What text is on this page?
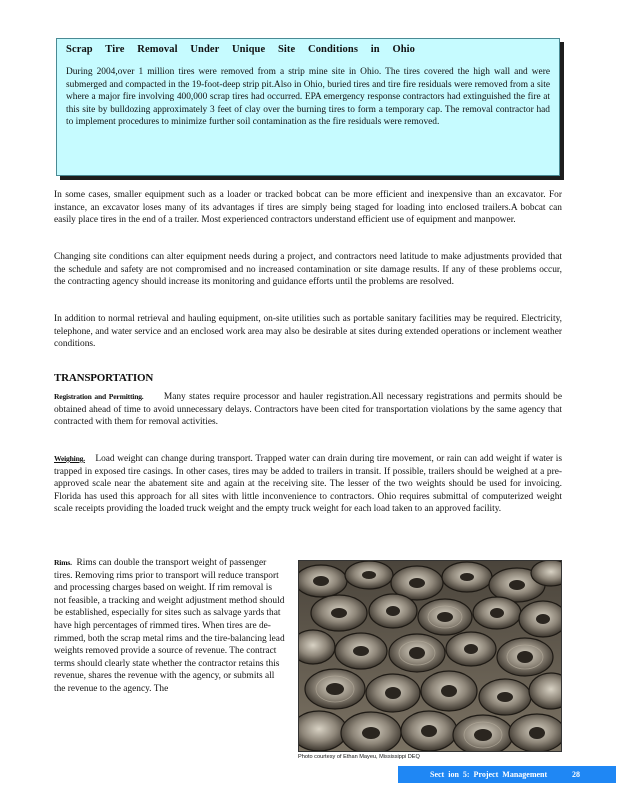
Scrap Tire Removal Under Unique Site Conditions in Ohio

During 2004,over 1 million tires were removed from a strip mine site in Ohio. The tires covered the high wall and were submerged and compacted in the 19-foot-deep strip pit.Also in Ohio, buried tires and tire fire residuals were removed from a site where a major fire involving 400,000 scrap tires had occurred. EPA emergency response contractors had extinguished the fire at this site by bulldozing approximately 3 feet of clay over the burning tires to form a temporary cap. The removal contractor had to implement procedures to minimize further soil contamination as the fire residuals were removed.

In some cases, smaller equipment such as a loader or tracked bobcat can be more efficient and inexpensive than an excavator. For instance, an excavator loses many of its advantages if tires are simply being staged for loading into enclosed trailers.A bobcat can easily place tires in the end of a trailer. Most experienced contractors understand efficient use of equipment and manpower.

Changing site conditions can alter equipment needs during a project, and contractors need latitude to make adjustments provided that the schedule and safety are not compromised and no increased contamination or site damage results. If any of these problems occur, the contracting agency should increase its monitoring and guidance efforts until the problems are resolved.

In addition to normal retrieval and hauling equipment, on-site utilities such as portable sanitary facilities may be required. Electricity, telephone, and water service and an enclosed work area may also be desirable at sites during extended operations or inclement weather conditions.

TRANSPORTATION

Registration and Permitting. Many states require processor and hauler registration.All necessary registrations and permits should be obtained ahead of time to avoid unnecessary delays. Contractors have been cited for transportation violations by the same agency that contracted with them for removal activities.

Weighing. Load weight can change during transport. Trapped water can drain during tire movement, or rain can add weight if water is trapped in exposed tire casings. In other cases, tires may be added to trailers in transit. If possible, trailers should be weighed at a pre-approved scale near the abatement site and again at the receiving site. The lesser of the two weights should be used for invoicing. Florida has used this approach for all sites with little inconvenience to contractors. Ohio requires submittal of computerized weight scale receipts providing the loaded truck weight and the empty truck weight for each load taken to an approved facility.

Rims. Rims can double the transport weight of passenger tires. Removing rims prior to transport will reduce transport and processing charges based on weight. If rim removal is not feasible, a tracking and weight adjustment method should be established, especially for sites such as salvage yards that have high percentages of rimmed tires. When tires are de-rimmed, both the scrap metal rims and the tire-balancing lead weights removed provide a source of revenue. The contract terms should clearly state whether the contractor retains this revenue, shares the revenue with the agency, or submits all the revenue to the agency. The

Photo courtesy of Ethan Mayeu, Mississippi DEQ

Sect ion 5: Project Management	28
